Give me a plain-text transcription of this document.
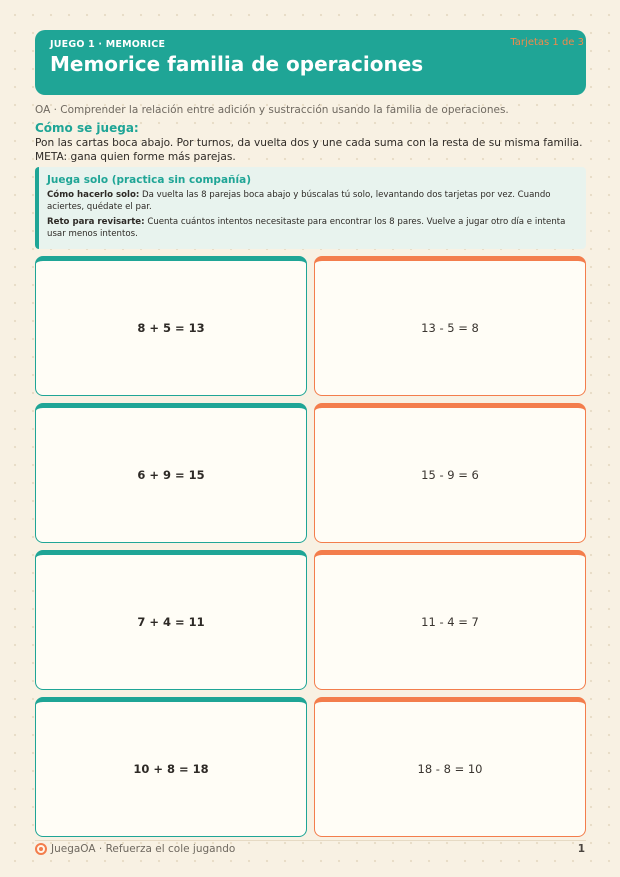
JUEGO 1 · MEMORICE
Memorice familia de operaciones
Tarjetas 1 de 3
OA · Comprender la relación entre adición y sustracción usando la familia de operaciones.
Cómo se juega:
Pon las cartas boca abajo. Por turnos, da vuelta dos y une cada suma con la resta de su misma familia. META: gana quien forme más parejas.
Juega solo (practica sin compañía)

Cómo hacerlo solo: Da vuelta las 8 parejas boca abajo y búscalas tú solo, levantando dos tarjetas por vez. Cuando aciertes, quédate el par.

Reto para revisarte: Cuenta cuántos intentos necesitaste para encontrar los 8 pares. Vuelve a jugar otro día e intenta usar menos intentos.

8 + 5 = 13	13 - 5 = 8
6 + 9 = 15	15 - 9 = 6
7 + 4 = 11	11 - 4 = 7
10 + 8 = 18	18 - 8 = 10
JuegaOA · Refuerza el cole jugando	1
